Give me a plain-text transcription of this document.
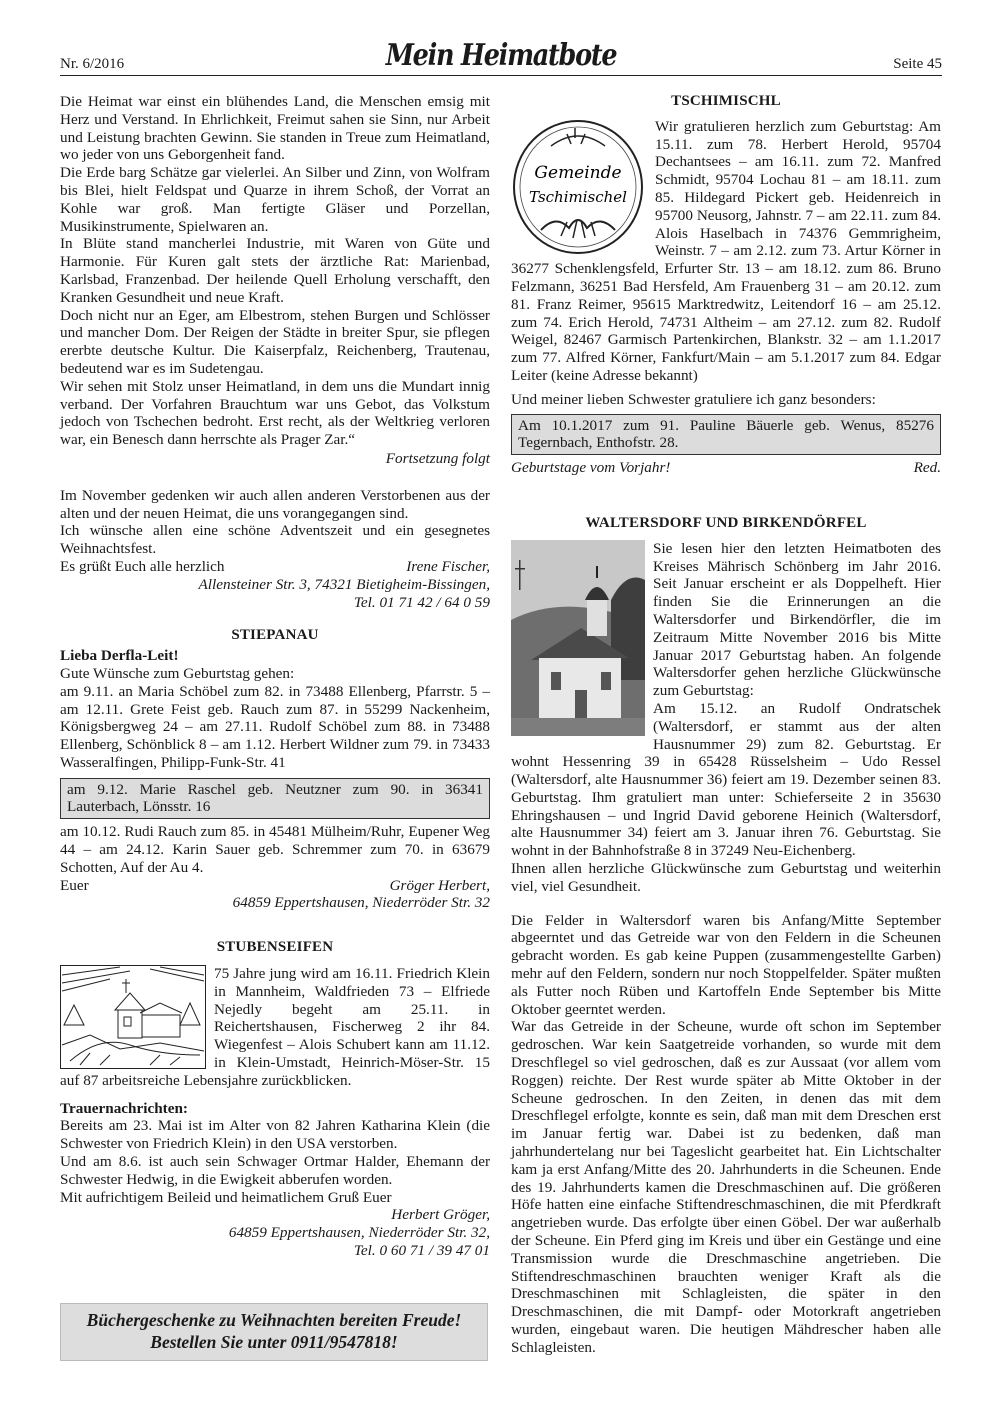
Nr. 6/2016	Mein Heimatbote	Seite 45

Die Heimat war einst ein blühendes Land, die Menschen emsig mit Herz und Verstand. In Ehrlichkeit, Freimut sahen sie Sinn, nur Arbeit und Leistung brachten Gewinn. Sie standen in Treue zum Heimatland, wo jeder von uns Geborgenheit fand.

Die Erde barg Schätze gar vielerlei. An Silber und Zinn, von Wolfram bis Blei, hielt Feldspat und Quarze in ihrem Schoß, der Vorrat an Kohle war groß. Man fertigte Gläser und Porzellan, Musikinstrumente, Spielwaren an.

In Blüte stand mancherlei Industrie, mit Waren von Güte und Harmonie. Für Kuren galt stets der ärztliche Rat: Marienbad, Karlsbad, Franzenbad. Der heilende Quell Erholung verschafft, den Kranken Gesundheit und neue Kraft.

Doch nicht nur an Eger, am Elbestrom, stehen Burgen und Schlösser und mancher Dom. Der Reigen der Städte in breiter Spur, sie pflegen ererbte deutsche Kultur. Die Kaiserpfalz, Reichenberg, Trautenau, bedeutend war es im Sudetengau.

Wir sehen mit Stolz unser Heimatland, in dem uns die Mundart innig verband. Der Vorfahren Brauchtum war uns Gebot, das Volkstum jedoch von Tschechen bedroht. Erst recht, als der Weltkrieg verloren war, ein Benesch dann herrschte als Prager Zar.“

Fortsetzung folgt

Im November gedenken wir auch allen anderen Verstorbenen aus der alten und der neuen Heimat, die uns vorangegangen sind.

Ich wünsche allen eine schöne Adventszeit und ein gesegnetes Weihnachtsfest.

Es grüßt Euch alle herzlich	Irene Fischer,
Allensteiner Str. 3, 74321 Bietigheim-Bissingen,
Tel. 01 71 42 / 64 0 59

STIEPANAU

Lieba Derfla-Leit!

Gute Wünsche zum Geburtstag gehen:

am 9.11. an Maria Schöbel zum 82. in 73488 Ellenberg, Pfarrstr. 5 –am 12.11. Grete Feist geb. Rauch zum 87. in 55299 Nackenheim, Königsbergweg 24 – am 27.11. Rudolf Schöbel zum 88. in 73488 Ellenberg, Schönblick 8 – am 1.12. Herbert Wildner zum 79. in 73433 Wasseralfingen, Philipp-Funk-Str. 41

am 9.12. Marie Raschel geb. Neutzner zum 90. in 36341 Lauterbach, Lönsstr. 16

am 10.12. Rudi Rauch zum 85. in 45481 Mülheim/Ruhr, Eupener Weg 44 – am 24.12. Karin Sauer geb. Schremmer zum 70. in 63679 Schotten, Auf der Au 4.

Euer	Gröger Herbert,
64859 Eppertshausen, Niederröder Str. 32

STUBENSEIFEN

75 Jahre jung wird am 16.11. Friedrich Klein in Mannheim, Waldfrieden 73 – Elfriede Nejedly begeht am 25.11. in Reichertshausen, Fischerweg 2 ihr 84. Wiegenfest – Alois Schubert kann am 11.12. in Klein-Umstadt, Heinrich-Möser-Str. 15 auf 87 arbeitsreiche Lebensjahre zurückblicken.

Trauernachrichten:

Bereits am 23. Mai ist im Alter von 82 Jahren Katharina Klein (die Schwester von Friedrich Klein) in den USA verstorben.

Und am 8.6. ist auch sein Schwager Ortmar Halder, Ehemann der Schwester Hedwig, in die Ewigkeit abberufen worden.

Mit aufrichtigem Beileid und heimatlichem Gruß Euer

Herbert Gröger,
64859 Eppertshausen, Niederröder Str. 32,
Tel. 0 60 71 / 39 47 01
Büchergeschenke zu Weihnachten bereiten Freude!
Bestellen Sie unter 0911/9547818!

TSCHIMISCHL

Gemeinde
Tschimischel

Wir gratulieren herzlich zum Geburtstag: Am 15.11. zum 78. Herbert Herold, 95704 Dechantsees – am 16.11. zum 72. Manfred Schmidt, 95704 Lochau 81 – am 18.11. zum 85. Hildegard Pickert geb. Heidenreich in 95700 Neusorg, Jahnstr. 7 – am 22.11. zum 84. Alois Haselbach in 74376 Gemmrigheim, Weinstr. 7 – am 2.12. zum 73. Artur Körner in 36277 Schenklengsfeld, Erfurter Str. 13 – am 18.12. zum 86. Bruno Felzmann, 36251 Bad Hersfeld, Am Frauenberg 31 – am 20.12. zum 81. Franz Reimer, 95615 Marktredwitz, Leitendorf 16 – am 25.12. zum 74. Erich Herold, 74731 Altheim – am 27.12. zum 82. Rudolf Weigel, 82467 Garmisch Partenkirchen, Blankstr. 32 – am 1.1.2017 zum 77. Alfred Körner, Fankfurt/Main – am 5.1.2017 zum 84. Edgar Leiter (keine Adresse bekannt)

Und meiner lieben Schwester gratuliere ich ganz besonders:

Am 10.1.2017 zum 91. Pauline Bäuerle geb. Wenus, 85276 Tegernbach, Enthofstr. 28.

Geburtstage vom Vorjahr!	Red.

WALTERSDORF UND BIRKENDÖRFEL

Sie lesen hier den letzten Heimatboten des Kreises Mährisch Schönberg im Jahr 2016. Seit Januar erscheint er als Doppelheft. Hier finden Sie die Erinnerungen an die Waltersdorfer und Birkendörfler, die im Zeitraum Mitte November 2016 bis Mitte Januar 2017 Geburtstag haben. An folgende Waltersdorfer gehen herzliche Glückwünsche zum Geburtstag:

Am 15.12. an Rudolf Ondratschek (Waltersdorf, er stammt aus der alten Hausnummer 29) zum 82. Geburtstag. Er wohnt Hessenring 39 in 65428 Rüsselsheim – Udo Ressel (Waltersdorf, alte Hausnummer 36) feiert am 19. Dezember seinen 83. Geburtstag. Ihm gratuliert man unter: Schieferseite 2 in 35630 Ehringshausen – und Ingrid David geborene Heinich (Waltersdorf, alte Hausnummer 34) feiert am 3. Januar ihren 76. Geburtstag. Sie wohnt in der Bahnhofstraße 8 in 37249 Neu-Eichenberg.

Ihnen allen herzliche Glückwünsche zum Geburtstag und weiterhin viel, viel Gesundheit.

Die Felder in Waltersdorf waren bis Anfang/Mitte September abgeerntet und das Getreide war von den Feldern in die Scheunen gebracht worden. Es gab keine Puppen (zusammengestellte Garben) mehr auf den Feldern, sondern nur noch Stoppelfelder. Später mußten als Futter noch Rüben und Kartoffeln Ende September bis Mitte Oktober geerntet werden.

War das Getreide in der Scheune, wurde oft schon im September gedroschen. War kein Saatgetreide vorhanden, so wurde mit dem Dreschflegel so viel gedroschen, daß es zur Aussaat (vor allem vom Roggen) reichte. Der Rest wurde später ab Mitte Oktober in der Scheune gedroschen. In den Zeiten, in denen das mit dem Dreschflegel erfolgte, konnte es sein, daß man mit dem Dreschen erst im Januar fertig war. Dabei ist zu bedenken, daß man jahrhundertelang nur bei Tageslicht gearbeitet hat. Ein Lichtschalter kam ja erst Anfang/Mitte des 20. Jahrhunderts in die Scheunen. Ende des 19. Jahrhunderts kamen die Dreschmaschinen auf. Die größeren Höfe hatten eine einfache Stiftendreschmaschinen, die mit Pferdkraft angetrieben wurde. Das erfolgte über einen Göbel. Der war außerhalb der Scheune. Ein Pferd ging im Kreis und über ein Gestänge und eine Transmission wurde die Dreschmaschine angetrieben. Die Stiftendreschmaschinen brauchten weniger Kraft als die Dreschmaschinen mit Schlagleisten, die später in den Dreschmaschinen, die mit Dampf- oder Motorkraft angetrieben wurden, eingebaut waren. Die heutigen Mähdrescher haben alle Schlagleisten.
